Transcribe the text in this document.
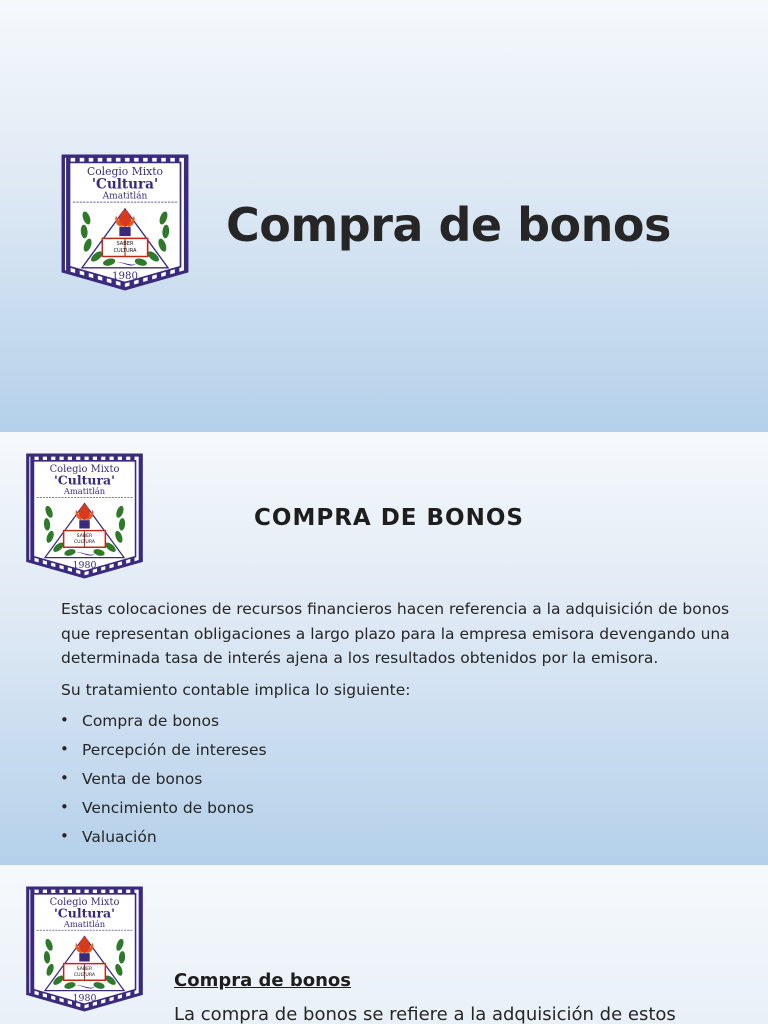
Colegio Mixto
'Cultura'
Amatitlán
SABER
CULTURA
1980
Compra de bonos
Colegio Mixto
'Cultura'
Amatitlán
SABER
CULTURA
1980
COMPRA DE BONOS

Estas colocaciones de recursos financieros hacen referencia a la adquisición de bonos que representan obligaciones a largo plazo para la empresa emisora devengando una determinada tasa de interés ajena a los resultados obtenidos por la emisora.

Su tratamiento contable implica lo siguiente:

• Compra de bonos
• Percepción de intereses
• Venta de bonos
• Vencimiento de bonos
• Valuación
Colegio Mixto
'Cultura'
Amatitlán
SABER
CULTURA
1980
Compra de bonos
La compra de bonos se refiere a la adquisición de estos
